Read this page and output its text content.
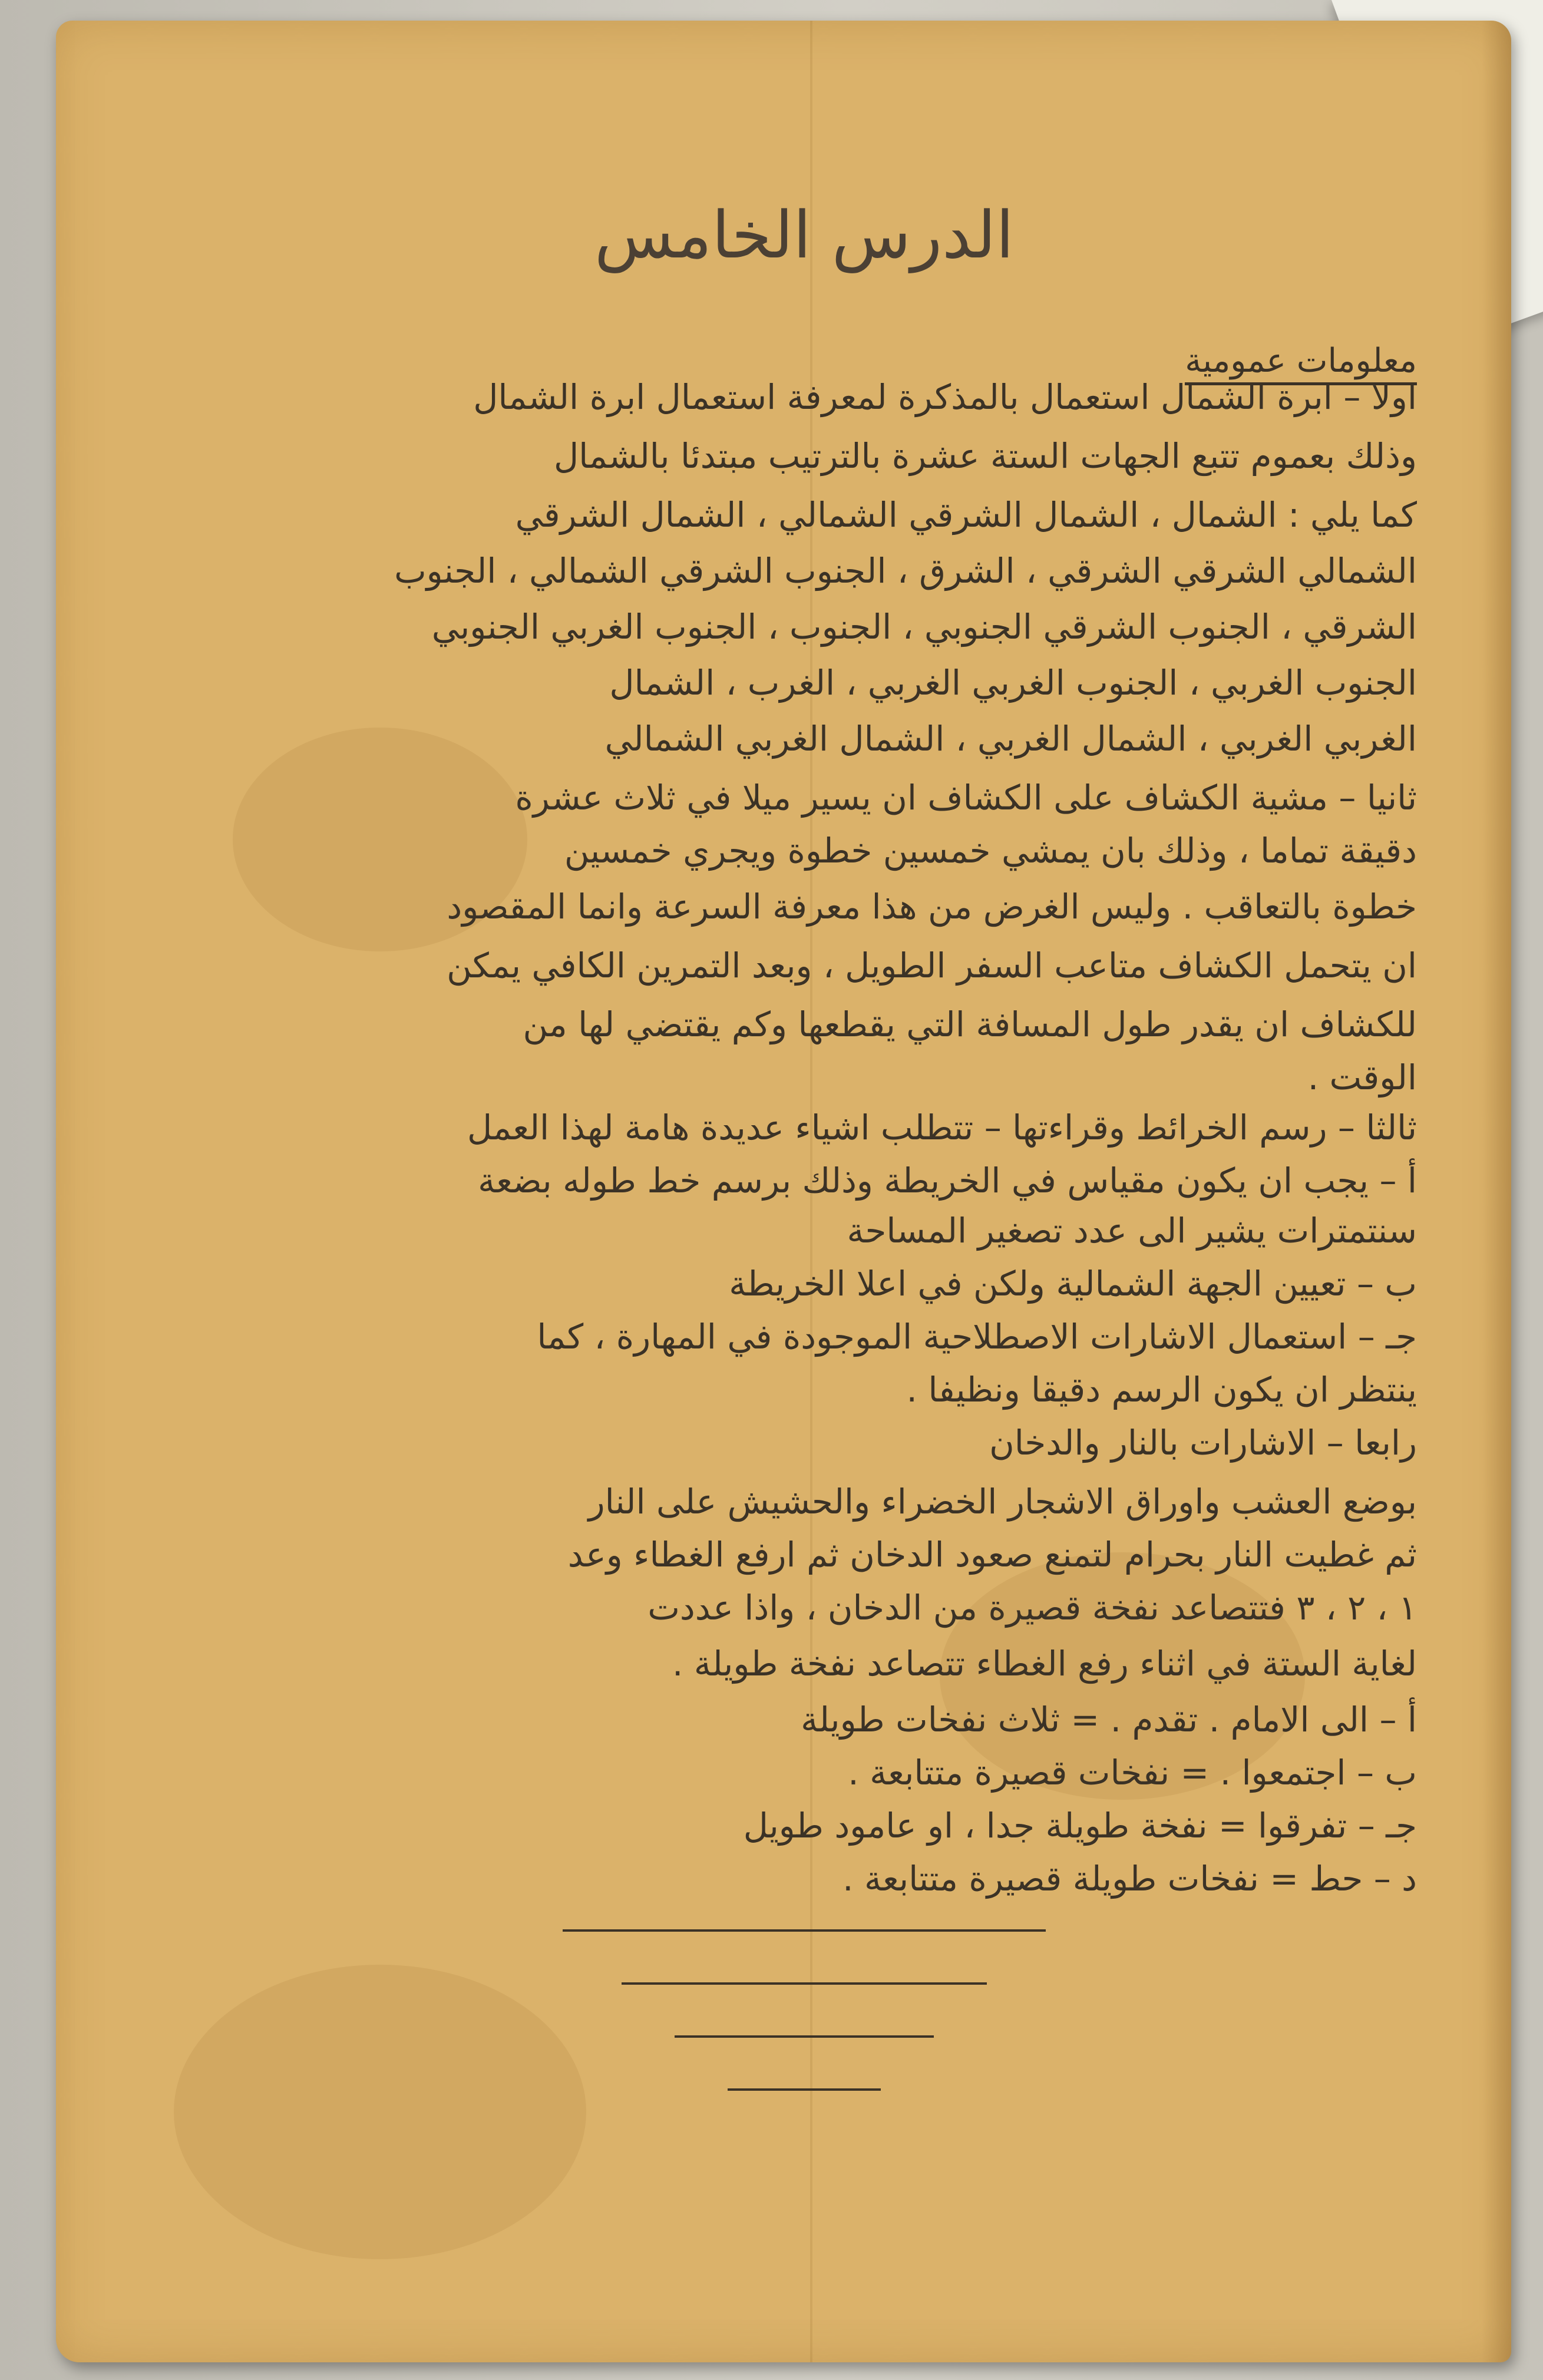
الدرس الخامس
معلومات عمومية
اولا – ابرة الشمال استعمال بالمذكرة لمعرفة استعمال ابرة الشمال
وذلك بعموم تتبع الجهات الستة عشرة بالترتيب مبتدئا بالشمال
كما يلي : الشمال ، الشمال الشرقي الشمالي ، الشمال الشرقي
الشمالي الشرقي الشرقي ، الشرق ، الجنوب الشرقي الشمالي ، الجنوب
الشرقي ، الجنوب الشرقي الجنوبي ، الجنوب ، الجنوب الغربي الجنوبي
الجنوب الغربي ، الجنوب الغربي الغربي ، الغرب ، الشمال
الغربي الغربي ، الشمال الغربي ، الشمال الغربي الشمالي
ثانيا – مشية الكشاف على الكشاف ان يسير ميلا في ثلاث عشرة
دقيقة تماما ، وذلك بان يمشي خمسين خطوة ويجري خمسين
خطوة بالتعاقب . وليس الغرض من هذا معرفة السرعة وانما المقصود
ان يتحمل الكشاف متاعب السفر الطويل ، وبعد التمرين الكافي يمكن
للكشاف ان يقدر طول المسافة التي يقطعها وكم يقتضي لها من
الوقت .
ثالثا – رسم الخرائط وقراءتها – تتطلب اشياء عديدة هامة لهذا العمل
أ – يجب ان يكون مقياس في الخريطة وذلك برسم خط طوله بضعة
سنتمترات يشير الى عدد تصغير المساحة
ب – تعيين الجهة الشمالية ولكن في اعلا الخريطة
جـ – استعمال الاشارات الاصطلاحية الموجودة في المهارة ، كما
ينتظر ان يكون الرسم دقيقا ونظيفا .
رابعا – الاشارات بالنار والدخان
بوضع العشب واوراق الاشجار الخضراء والحشيش على النار
ثم غطيت النار بحرام لتمنع صعود الدخان ثم ارفع الغطاء وعد
١ ، ٢ ، ٣ فتتصاعد نفخة قصيرة من الدخان ، واذا عددت
لغاية الستة في اثناء رفع الغطاء تتصاعد نفخة طويلة .
أ – الى الامام . تقدم . = ثلاث نفخات طويلة
ب – اجتمعوا . = نفخات قصيرة متتابعة .
جـ – تفرقوا = نفخة طويلة جدا ، او عامود طويل
د – حط = نفخات طويلة قصيرة متتابعة .
